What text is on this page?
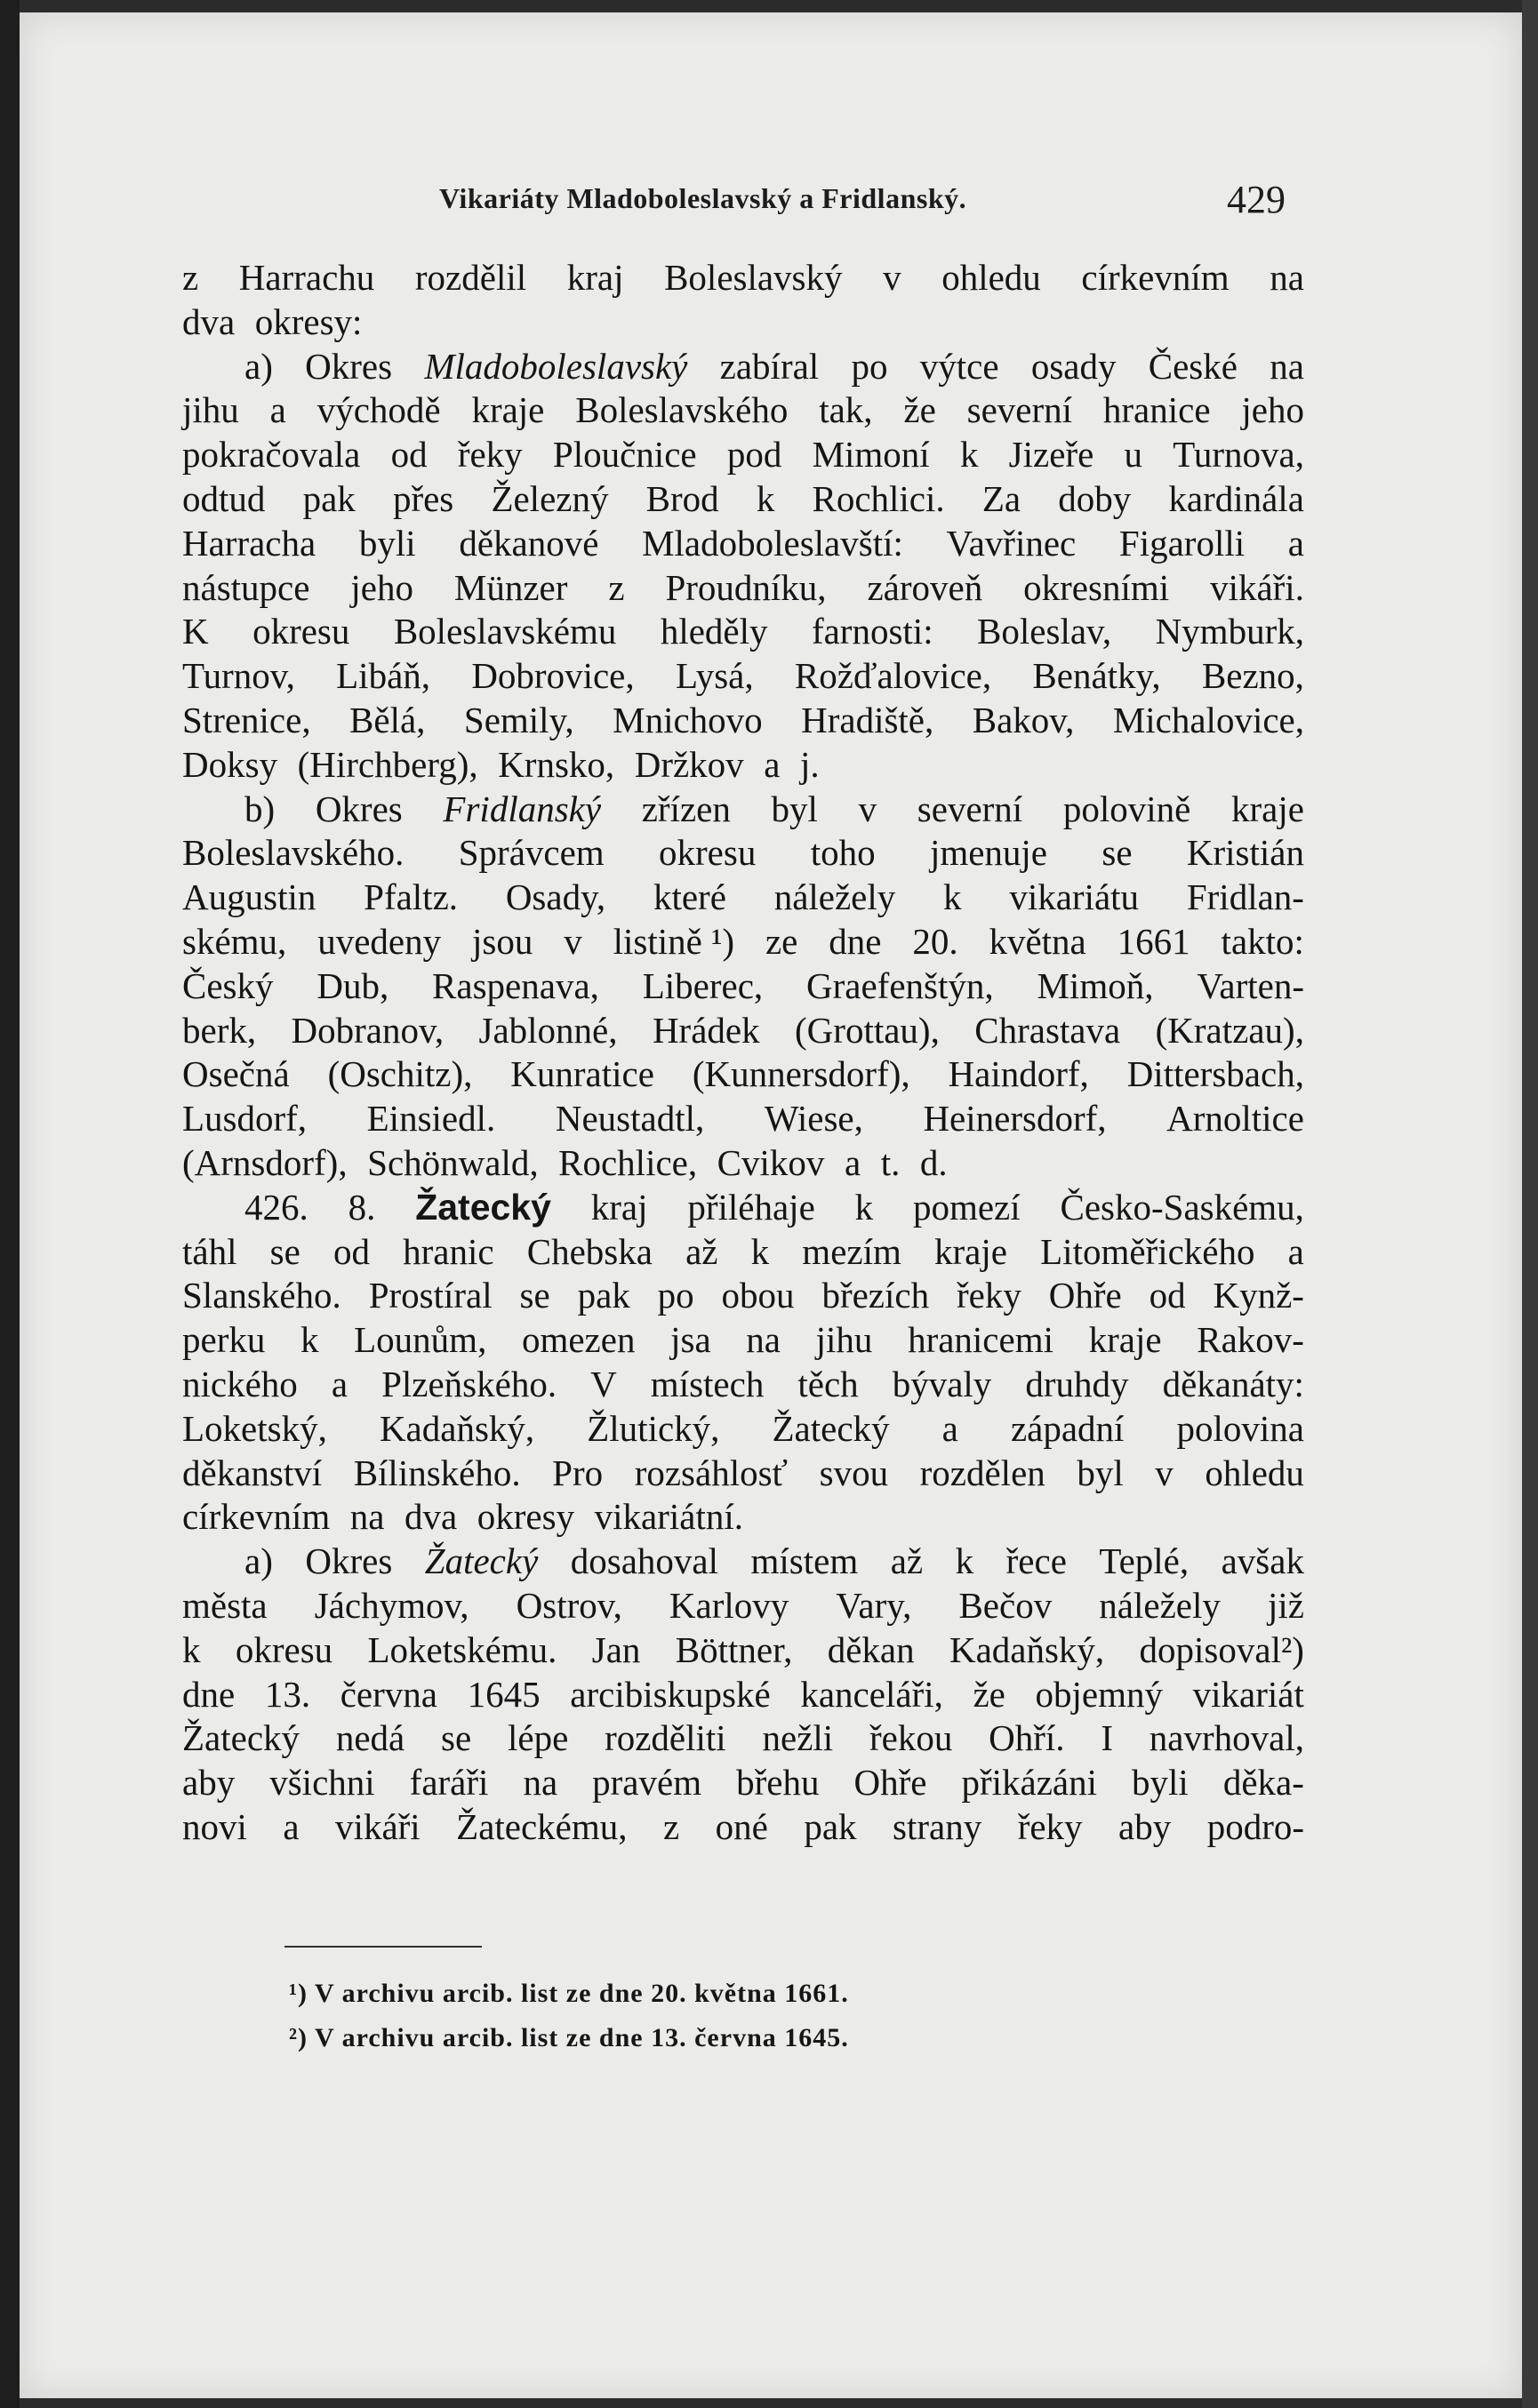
Vikariáty Mladoboleslavský a Fridlanský.	429
z Harrachu rozdělil kraj Boleslavský v ohledu církevním na
dva okresy:
a) Okres Mladoboleslavský zabíral po výtce osady České na
jihu a východě kraje Boleslavského tak, že severní hranice jeho
pokračovala od řeky Ploučnice pod Mimoní k Jizeře u Turnova,
odtud pak přes Železný Brod k Rochlici. Za doby kardinála
Harracha byli děkanové Mladoboleslavští: Vavřinec Figarolli a
nástupce jeho Münzer z Proudníku, zároveň okresními vikáři.
K okresu Boleslavskému hleděly farnosti: Boleslav, Nymburk,
Turnov, Libáň, Dobrovice, Lysá, Rožďalovice, Benátky, Bezno,
Strenice, Bělá, Semily, Mnichovo Hradiště, Bakov, Michalovice,
Doksy (Hirchberg), Krnsko, Držkov a j.
b) Okres Fridlanský zřízen byl v severní polovině kraje
Boleslavského. Správcem okresu toho jmenuje se Kristián
Augustin Pfaltz. Osady, které náležely k vikariátu Fridlan-
skému, uvedeny jsou v listině ¹) ze dne 20. května 1661 takto:
Český Dub, Raspenava, Liberec, Graefenštýn, Mimoň, Varten-
berk, Dobranov, Jablonné, Hrádek (Grottau), Chrastava (Kratzau),
Osečná (Oschitz), Kunratice (Kunnersdorf), Haindorf, Dittersbach,
Lusdorf, Einsiedl. Neustadtl, Wiese, Heinersdorf, Arnoltice
(Arnsdorf), Schönwald, Rochlice, Cvikov a t. d.
426. 8. Žatecký kraj přiléhaje k pomezí Česko-Saskému,
táhl se od hranic Chebska až k mezím kraje Litoměřického a
Slanského. Prostíral se pak po obou březích řeky Ohře od Kynž-
perku k Lounům, omezen jsa na jihu hranicemi kraje Rakov-
nického a Plzeňského. V místech těch bývaly druhdy děkanáty:
Loketský, Kadaňský, Žlutický, Žatecký a západní polovina
děkanství Bílinského. Pro rozsáhlosť svou rozdělen byl v ohledu
církevním na dva okresy vikariátní.
a) Okres Žatecký dosahoval místem až k řece Teplé, avšak
města Jáchymov, Ostrov, Karlovy Vary, Bečov náležely již
k okresu Loketskému. Jan Böttner, děkan Kadaňský, dopisoval²)
dne 13. června 1645 arcibiskupské kanceláři, že objemný vikariát
Žatecký nedá se lépe rozděliti nežli řekou Ohří. I navrhoval,
aby všichni faráři na pravém břehu Ohře přikázáni byli děka-
novi a vikáři Žateckému, z oné pak strany řeky aby podro-
¹) V archivu arcib. list ze dne 20. května 1661.
²) V archivu arcib. list ze dne 13. června 1645.
